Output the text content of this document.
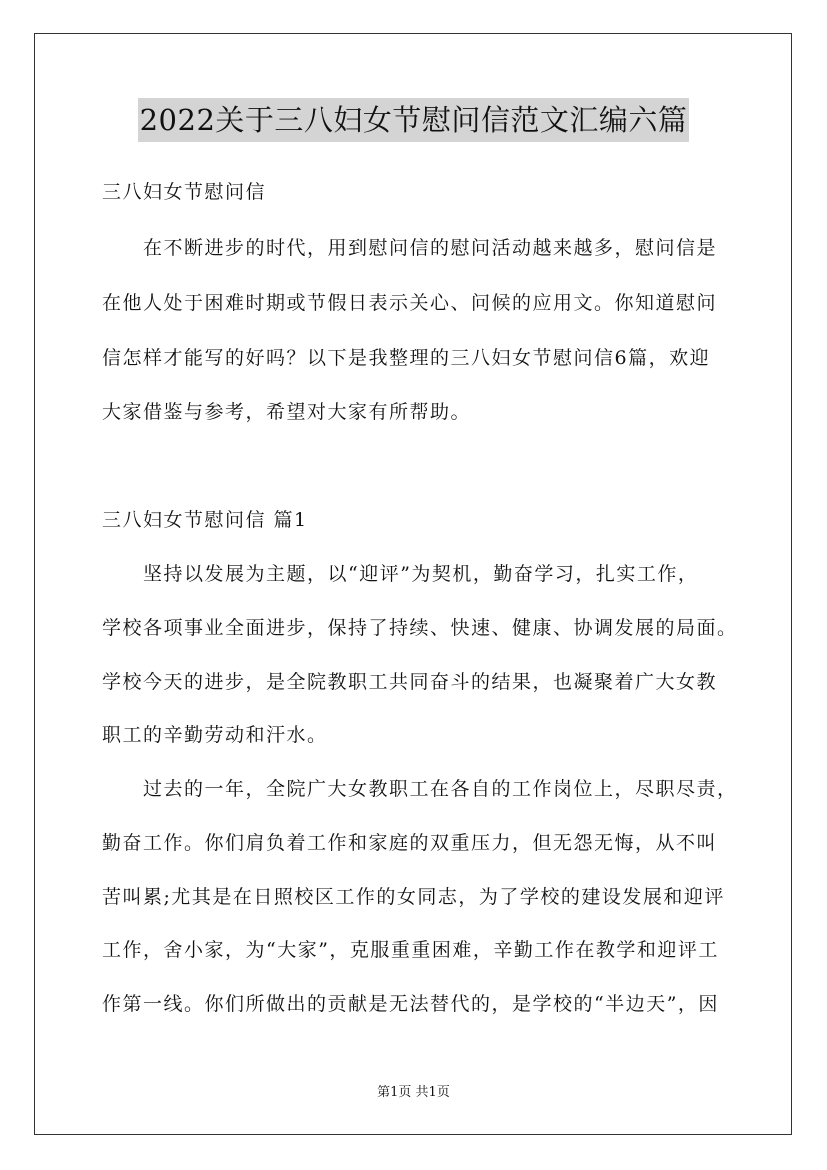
2022关于三八妇女节慰问信范文汇编六篇
三八妇女节慰问信
在不断进步的时代，用到慰问信的慰问活动越来越多，慰问信是
在他人处于困难时期或节假日表示关心、问候的应用文。你知道慰问
信怎样才能写的好吗？以下是我整理的三八妇女节慰问信6篇，欢迎
大家借鉴与参考，希望对大家有所帮助。
三八妇女节慰问信 篇1
坚持以发展为主题，以“迎评”为契机，勤奋学习，扎实工作，
学校各项事业全面进步，保持了持续、快速、健康、协调发展的局面。
学校今天的进步，是全院教职工共同奋斗的结果，也凝聚着广大女教
职工的辛勤劳动和汗水。
过去的一年，全院广大女教职工在各自的工作岗位上，尽职尽责，
勤奋工作。你们肩负着工作和家庭的双重压力，但无怨无悔，从不叫
苦叫累;尤其是在日照校区工作的女同志，为了学校的建设发展和迎评
工作，舍小家，为“大家”，克服重重困难，辛勤工作在教学和迎评工
作第一线。你们所做出的贡献是无法替代的，是学校的“半边天”，因
第1页 共1页
